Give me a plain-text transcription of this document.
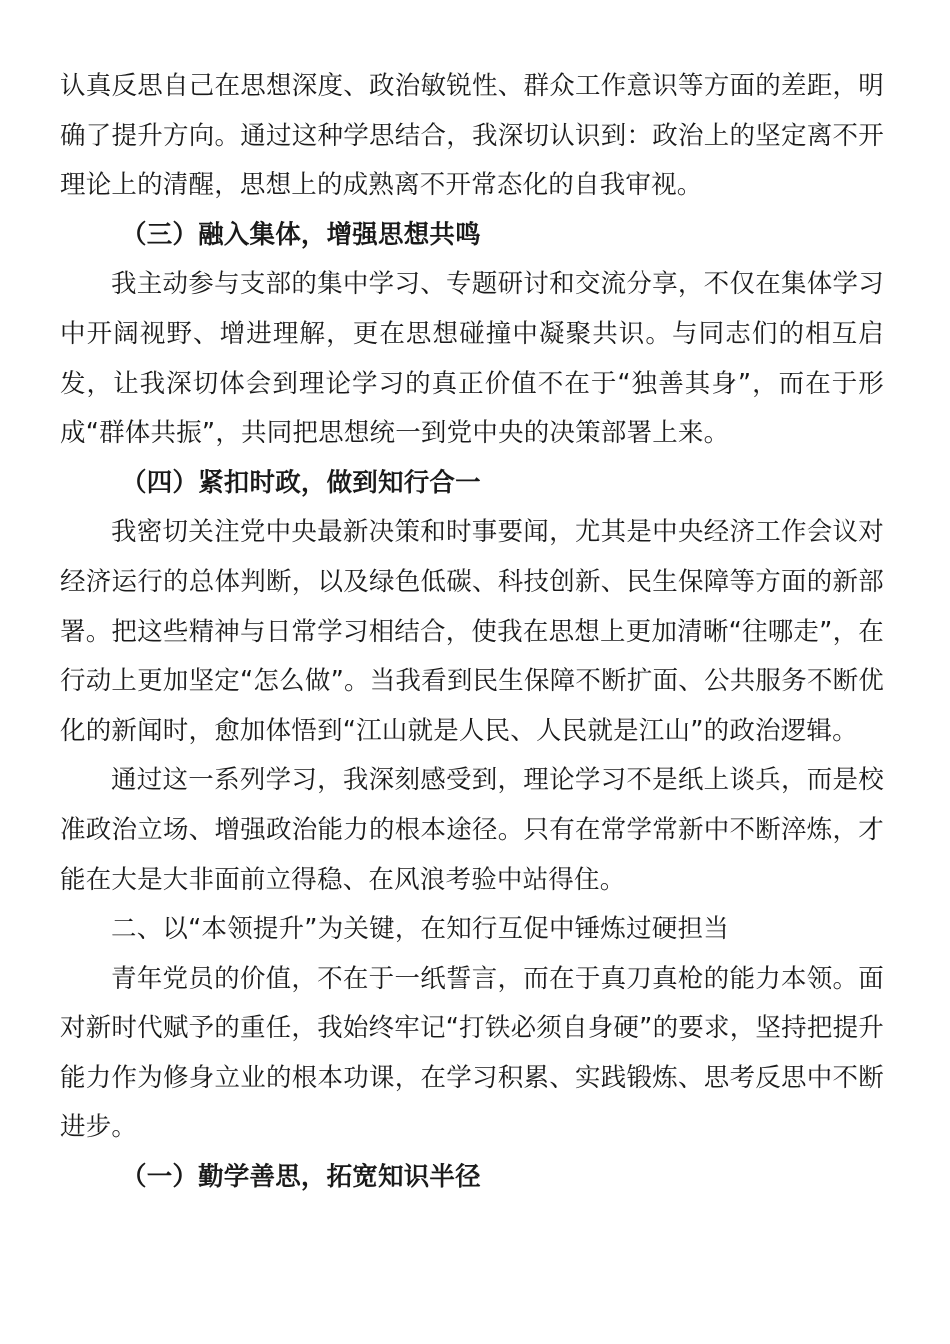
认真反思自己在思想深度、政治敏锐性、群众工作意识等方面的差距，明确了提升方向。通过这种学思结合，我深切认识到：政治上的坚定离不开理论上的清醒，思想上的成熟离不开常态化的自我审视。

（三）融入集体，增强思想共鸣

我主动参与支部的集中学习、专题研讨和交流分享，不仅在集体学习中开阔视野、增进理解，更在思想碰撞中凝聚共识。与同志们的相互启发，让我深切体会到理论学习的真正价值不在于“独善其身”，而在于形成“群体共振”，共同把思想统一到党中央的决策部署上来。

（四）紧扣时政，做到知行合一

我密切关注党中央最新决策和时事要闻，尤其是中央经济工作会议对经济运行的总体判断，以及绿色低碳、科技创新、民生保障等方面的新部署。把这些精神与日常学习相结合，使我在思想上更加清晰“往哪走”，在行动上更加坚定“怎么做”。当我看到民生保障不断扩面、公共服务不断优化的新闻时，愈加体悟到“江山就是人民、人民就是江山”的政治逻辑。

通过这一系列学习，我深刻感受到，理论学习不是纸上谈兵，而是校准政治立场、增强政治能力的根本途径。只有在常学常新中不断淬炼，才能在大是大非面前立得稳、在风浪考验中站得住。

二、以“本领提升”为关键，在知行互促中锤炼过硬担当

青年党员的价值，不在于一纸誓言，而在于真刀真枪的能力本领。面对新时代赋予的重任，我始终牢记“打铁必须自身硬”的要求，坚持把提升能力作为修身立业的根本功课，在学习积累、实践锻炼、思考反思中不断进步。

（一）勤学善思，拓宽知识半径
